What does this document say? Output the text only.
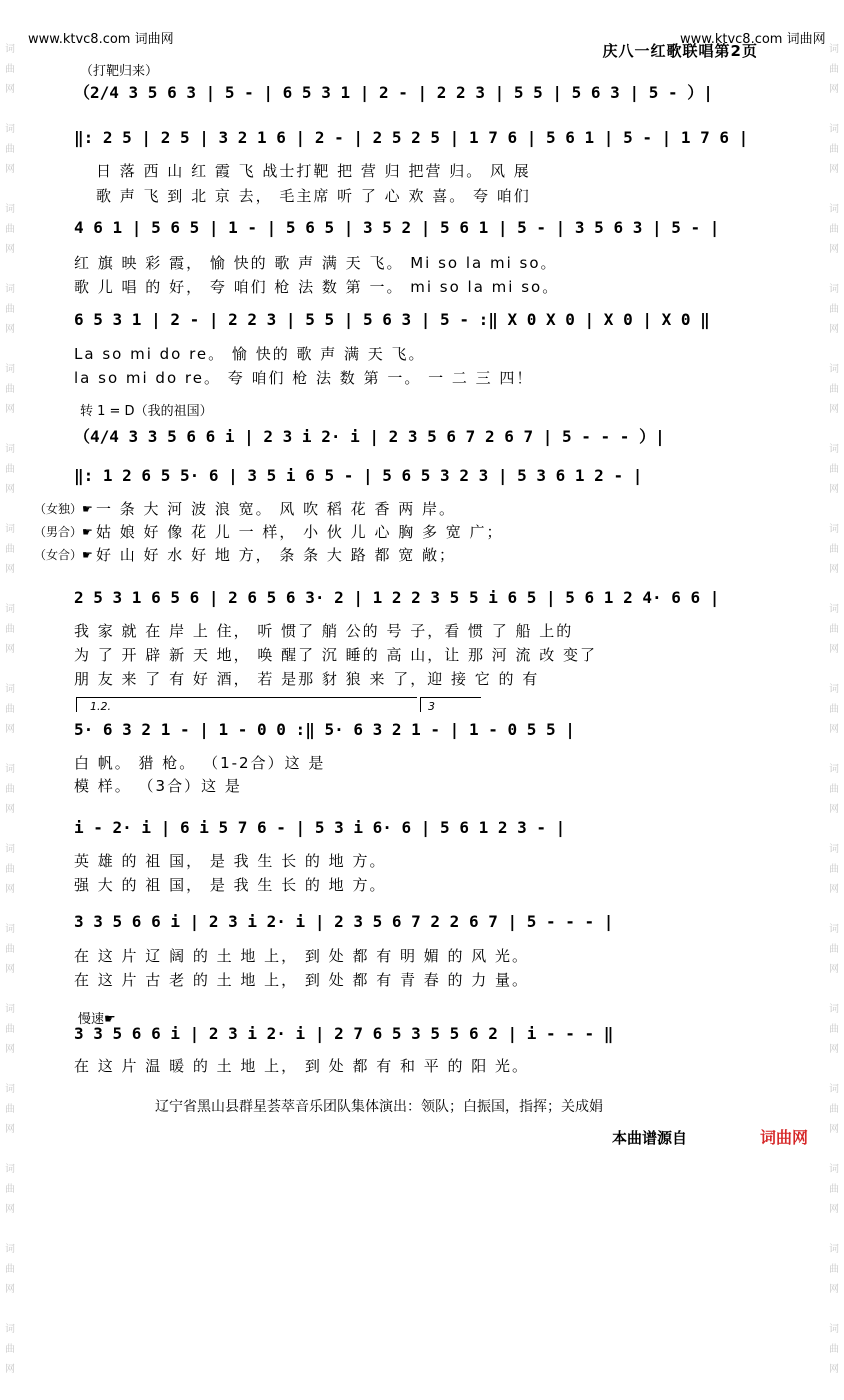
词
曲
网

词
曲
网

词
曲
网

词
曲
网

词
曲
网

词
曲
网

词
曲
网

词
曲
网

词
曲
网

词
曲
网

词
曲
网

词
曲
网

词
曲
网

词
曲
网

词
曲
网

词
曲
网

词
曲
网

词
曲
网

词
曲
网

词
曲
网

词
曲
网

词
曲
网

词
曲
网

词
曲
网

词
曲
网

词
曲
网

词
曲
网

词
曲
网

词
曲
网

词
曲
网

词
曲
网

词
曲
网

词
曲
网

词
曲
网

www.ktvc8.com 词曲网	www.ktvc8.com 词曲网
庆八一红歌联唱第2页
（打靶归来）
（2/4 3 5 6 3 | 5 - | 6 5 3 1 | 2 - | 2 2 3 | 5 5 | 5 6 3 | 5 - ）|
‖: 2 5 | 2 5 | 3 2 1 6 | 2 - | 2 5 2 5 | 1 7 6 | 5 6 1 | 5 - | 1 7 6 |
日 落 西 山 红 霞 飞 战士打靶 把 营 归 把营 归。 风 展
歌 声 飞 到 北 京 去， 毛主席 听 了 心 欢 喜。 夸 咱们
4 6 1 | 5 6 5 | 1 - | 5 6 5 | 3 5 2 | 5 6 1 | 5 - | 3 5 6 3 | 5 - |
红 旗 映 彩 霞， 愉 快的 歌 声 满 天 飞。 Mi so la mi so。
歌 儿 唱 的 好， 夸 咱们 枪 法 数 第 一。 mi so la mi so。
6 5 3 1 | 2 - | 2 2 3 | 5 5 | 5 6 3 | 5 - :‖ X 0 X 0 | X 0 | X 0 ‖
La so mi do re。 愉 快的 歌 声 满 天 飞。
la so mi do re。 夸 咱们 枪 法 数 第 一。 一 二 三 四！
转 1 = D（我的祖国）
（4/4 3 3 5 6 6 i | 2 3 i 2· i | 2 3 5 6 7 2 6 7 | 5 - - - ）|
‖: 1 2 6 5 5· 6 | 3 5 i 6 5 - | 5 6 5 3 2 3 | 5 3 6 1 2 - |
（女独）☛ 一 条 大 河 波 浪 宽。 风 吹 稻 花 香 两 岸。
（男合）☛ 姑 娘 好 像 花 儿 一 样， 小 伙 儿 心 胸 多 宽 广；
（女合）☛ 好 山 好 水 好 地 方， 条 条 大 路 都 宽 敞；
2 5 3 1 6 5 6 | 2 6 5 6 3· 2 | 1 2 2 3 5 5 i 6 5 | 5 6 1 2 4· 6 6 |
我 家 就 在 岸 上 住， 听 惯了 艄 公的 号 子，看 惯 了 船 上的
为 了 开 辟 新 天 地， 唤 醒了 沉 睡的 高 山，让 那 河 流 改 变了
朋 友 来 了 有 好 酒， 若 是那 豺 狼 来 了，迎 接 它 的 有
1.2.	3
5· 6 3 2 1 - | 1 - 0 0 :‖ 5· 6 3 2 1 - | 1 - 0 5 5 |
白 帆。 猎 枪。 （1-2合）这 是
模 样。 （3合）这 是
i - 2· i | 6 i 5 7 6 - | 5 3 i 6· 6 | 5 6 1 2 3 - |
英 雄 的 祖 国， 是 我 生 长 的 地 方。
强 大 的 祖 国， 是 我 生 长 的 地 方。
3 3 5 6 6 i | 2 3 i 2· i | 2 3 5 6 7 2 2 6 7 | 5 - - - |
在 这 片 辽 阔 的 土 地 上， 到 处 都 有 明 媚 的 风 光。
在 这 片 古 老 的 土 地 上， 到 处 都 有 青 春 的 力 量。
慢速☛
3 3 5 6 6 i | 2 3 i 2· i | 2 7 6 5 3 5 5 6 2 | i - - - ‖
在 这 片 温 暖 的 土 地 上， 到 处 都 有 和 平 的 阳 光。
辽宁省黑山县群星荟萃音乐团队集体演出：领队；白振国，指挥；关成娟
本曲谱源自	词曲网
